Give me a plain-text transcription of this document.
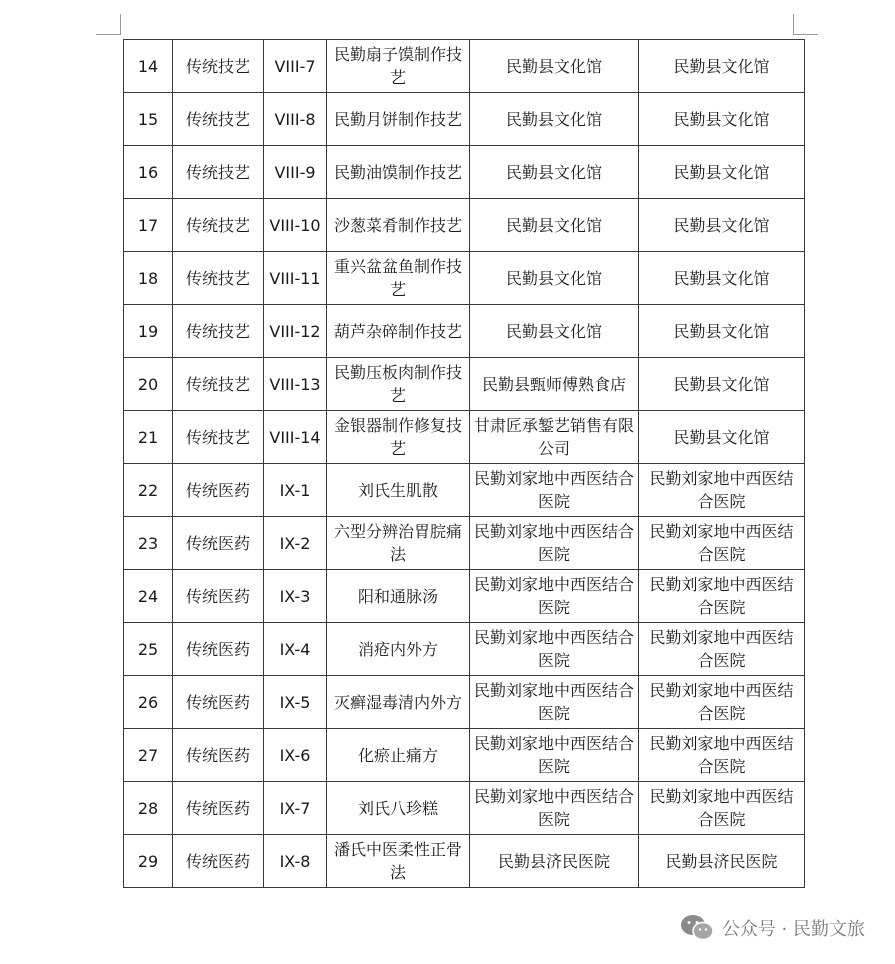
14	传统技艺	VIII-7	民勤扇子馍制作技艺	民勤县文化馆	民勤县文化馆
15	传统技艺	VIII-8	民勤月饼制作技艺	民勤县文化馆	民勤县文化馆
16	传统技艺	VIII-9	民勤油馍制作技艺	民勤县文化馆	民勤县文化馆
17	传统技艺	VIII-10	沙葱菜肴制作技艺	民勤县文化馆	民勤县文化馆
18	传统技艺	VIII-11	重兴盆盆鱼制作技艺	民勤县文化馆	民勤县文化馆
19	传统技艺	VIII-12	葫芦杂碎制作技艺	民勤县文化馆	民勤县文化馆
20	传统技艺	VIII-13	民勤压板肉制作技艺	民勤县甄师傅熟食店	民勤县文化馆
21	传统技艺	VIII-14	金银器制作修复技艺	甘肃匠承錾艺销售有限公司	民勤县文化馆
22	传统医药	IX-1	刘氏生肌散	民勤刘家地中西医结合医院	民勤刘家地中西医结合医院
23	传统医药	IX-2	六型分辨治胃脘痛法	民勤刘家地中西医结合医院	民勤刘家地中西医结合医院
24	传统医药	IX-3	阳和通脉汤	民勤刘家地中西医结合医院	民勤刘家地中西医结合医院
25	传统医药	IX-4	消疮内外方	民勤刘家地中西医结合医院	民勤刘家地中西医结合医院
26	传统医药	IX-5	灭癣湿毒清内外方	民勤刘家地中西医结合医院	民勤刘家地中西医结合医院
27	传统医药	IX-6	化瘀止痛方	民勤刘家地中西医结合医院	民勤刘家地中西医结合医院
28	传统医药	IX-7	刘氏八珍糕	民勤刘家地中西医结合医院	民勤刘家地中西医结合医院
29	传统医药	IX-8	潘氏中医柔性正骨法	民勤县济民医院	民勤县济民医院
公众号 · 民勤文旅
